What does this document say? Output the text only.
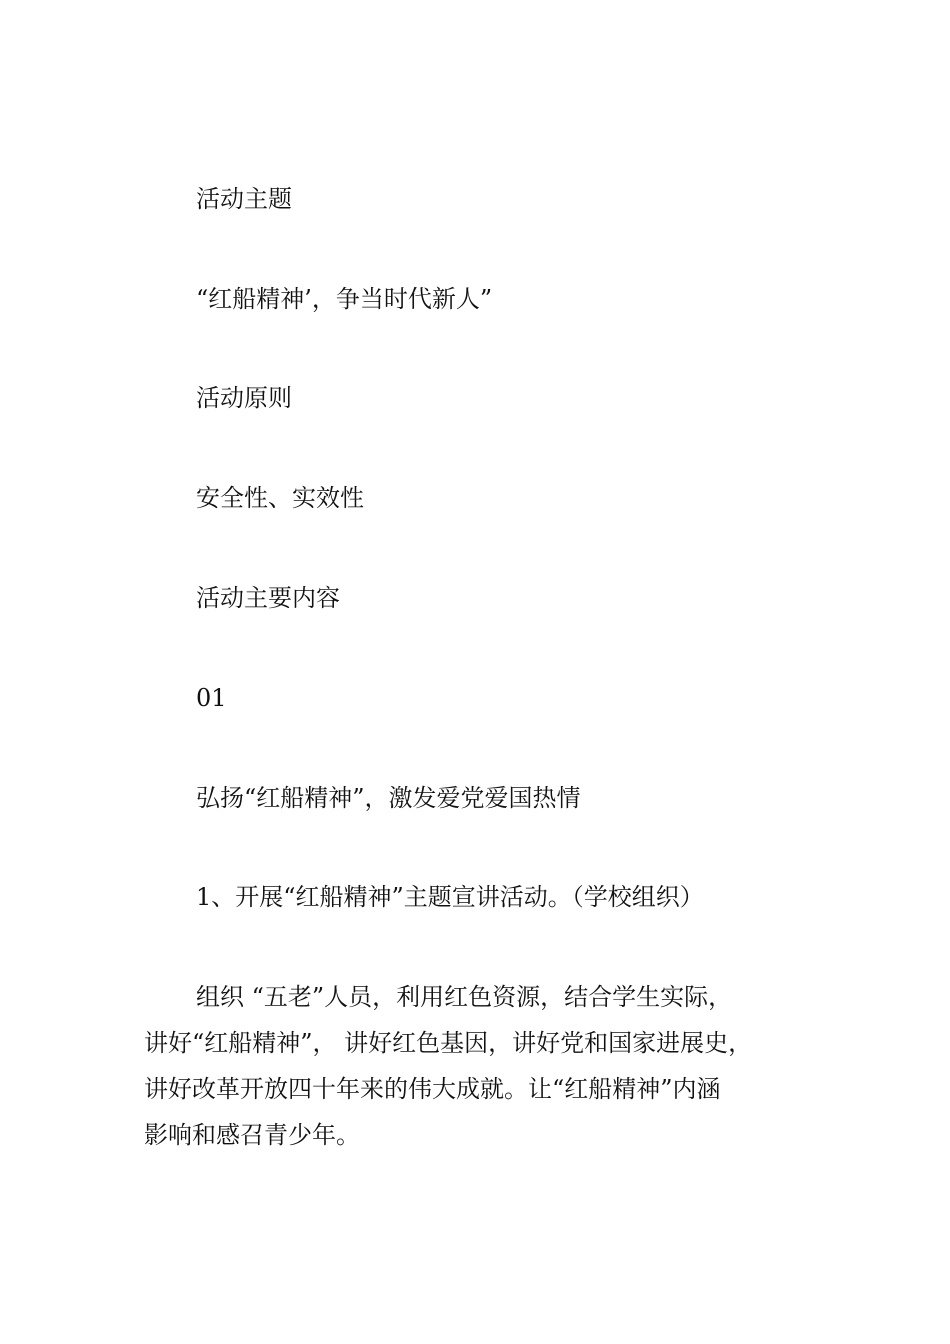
活动主题

“红船精神’，争当时代新人”

活动原则

安全性、实效性

活动主要内容

01

弘扬“红船精神”，激发爱党爱国热情

1、开展“红船精神”主题宣讲活动。（学校组织）

组织 “五老”人员，利用红色资源，结合学生实际，
讲好“红船精神”， 讲好红色基因，讲好党和国家进展史，
讲好改革开放四十年来的伟大成就。让“红船精神”内涵
影响和感召青少年。
